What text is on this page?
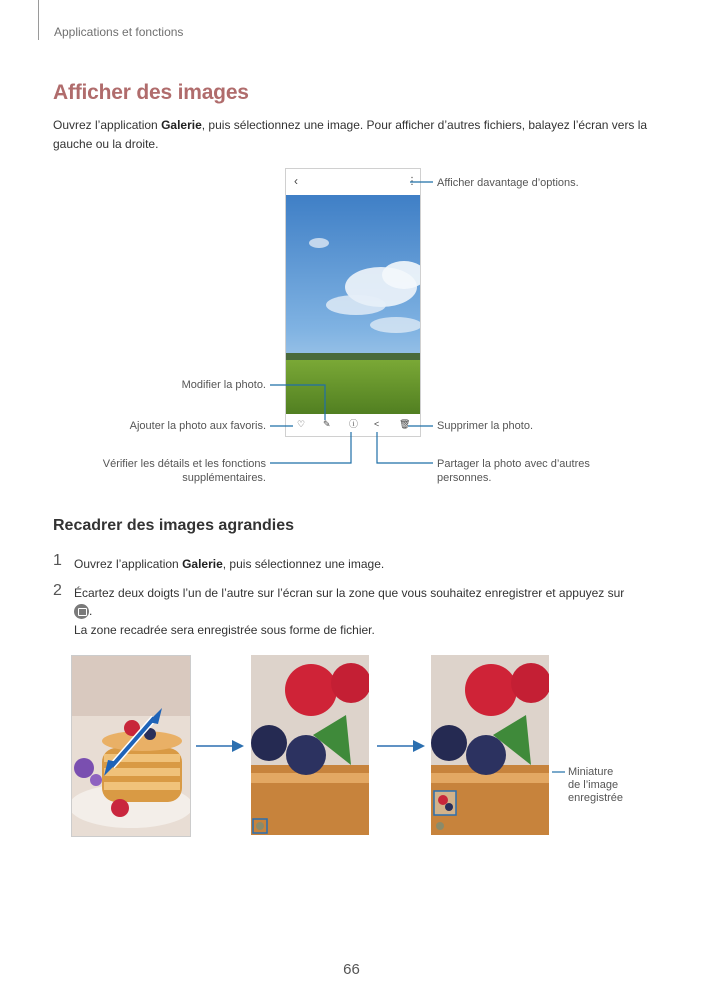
Applications et fonctions
Afficher des images
Ouvrez l’application Galerie, puis sélectionnez une image. Pour afficher d’autres fichiers, balayez l’écran vers la gauche ou la droite.
‹	⋮
♡ ✎ ⓘ < 🗑
Afficher davantage d’options.
Modifier la photo.
Ajouter la photo aux favoris.	Supprimer la photo.
Vérifier les détails et les fonctions
supplémentaires.
Partager la photo avec d’autres
personnes.
Recadrer des images agrandies
1 Ouvrez l’application Galerie, puis sélectionnez une image.
2 Écartez deux doigts l’un de l’autre sur l’écran sur la zone que vous souhaitez enregistrer et appuyez sur
.
La zone recadrée sera enregistrée sous forme de fichier.
Miniature
de l’image
enregistrée
66
